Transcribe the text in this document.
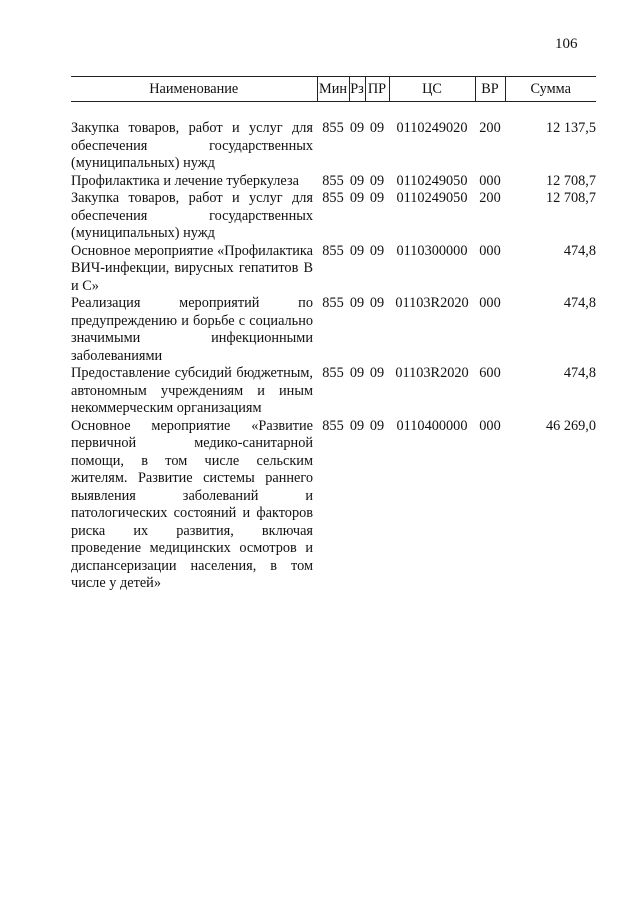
106
Наименование	Мин	Рз	ПР	ЦС	ВР	Сумма

Закупка товаров, работ и услуг для обеспечения государственных (муниципальных) нужд	855	09	09	0110249020	200	12 137,5
Профилактика и лечение туберкулеза	855	09	09	0110249050	000	12 708,7
Закупка товаров, работ и услуг для обеспечения государственных (муниципальных) нужд	855	09	09	0110249050	200	12 708,7
Основное мероприятие «Профилактика ВИЧ-инфекции, вирусных гепатитов В и С»	855	09	09	0110300000	000	474,8
Реализация мероприятий по предупреждению и борьбе с социально значимыми инфекционными заболеваниями	855	09	09	01103R2020	000	474,8
Предоставление субсидий бюджетным, автономным учреждениям и иным некоммерческим организациям	855	09	09	01103R2020	600	474,8
Основное мероприятие «Развитие первичной медико-санитарной помощи, в том числе сельским жителям. Развитие системы раннего выявления заболеваний и патологических состояний и факторов риска их развития, включая проведение медицинских осмотров и диспансеризации населения, в том числе у детей»	855	09	09	0110400000	000	46 269,0
